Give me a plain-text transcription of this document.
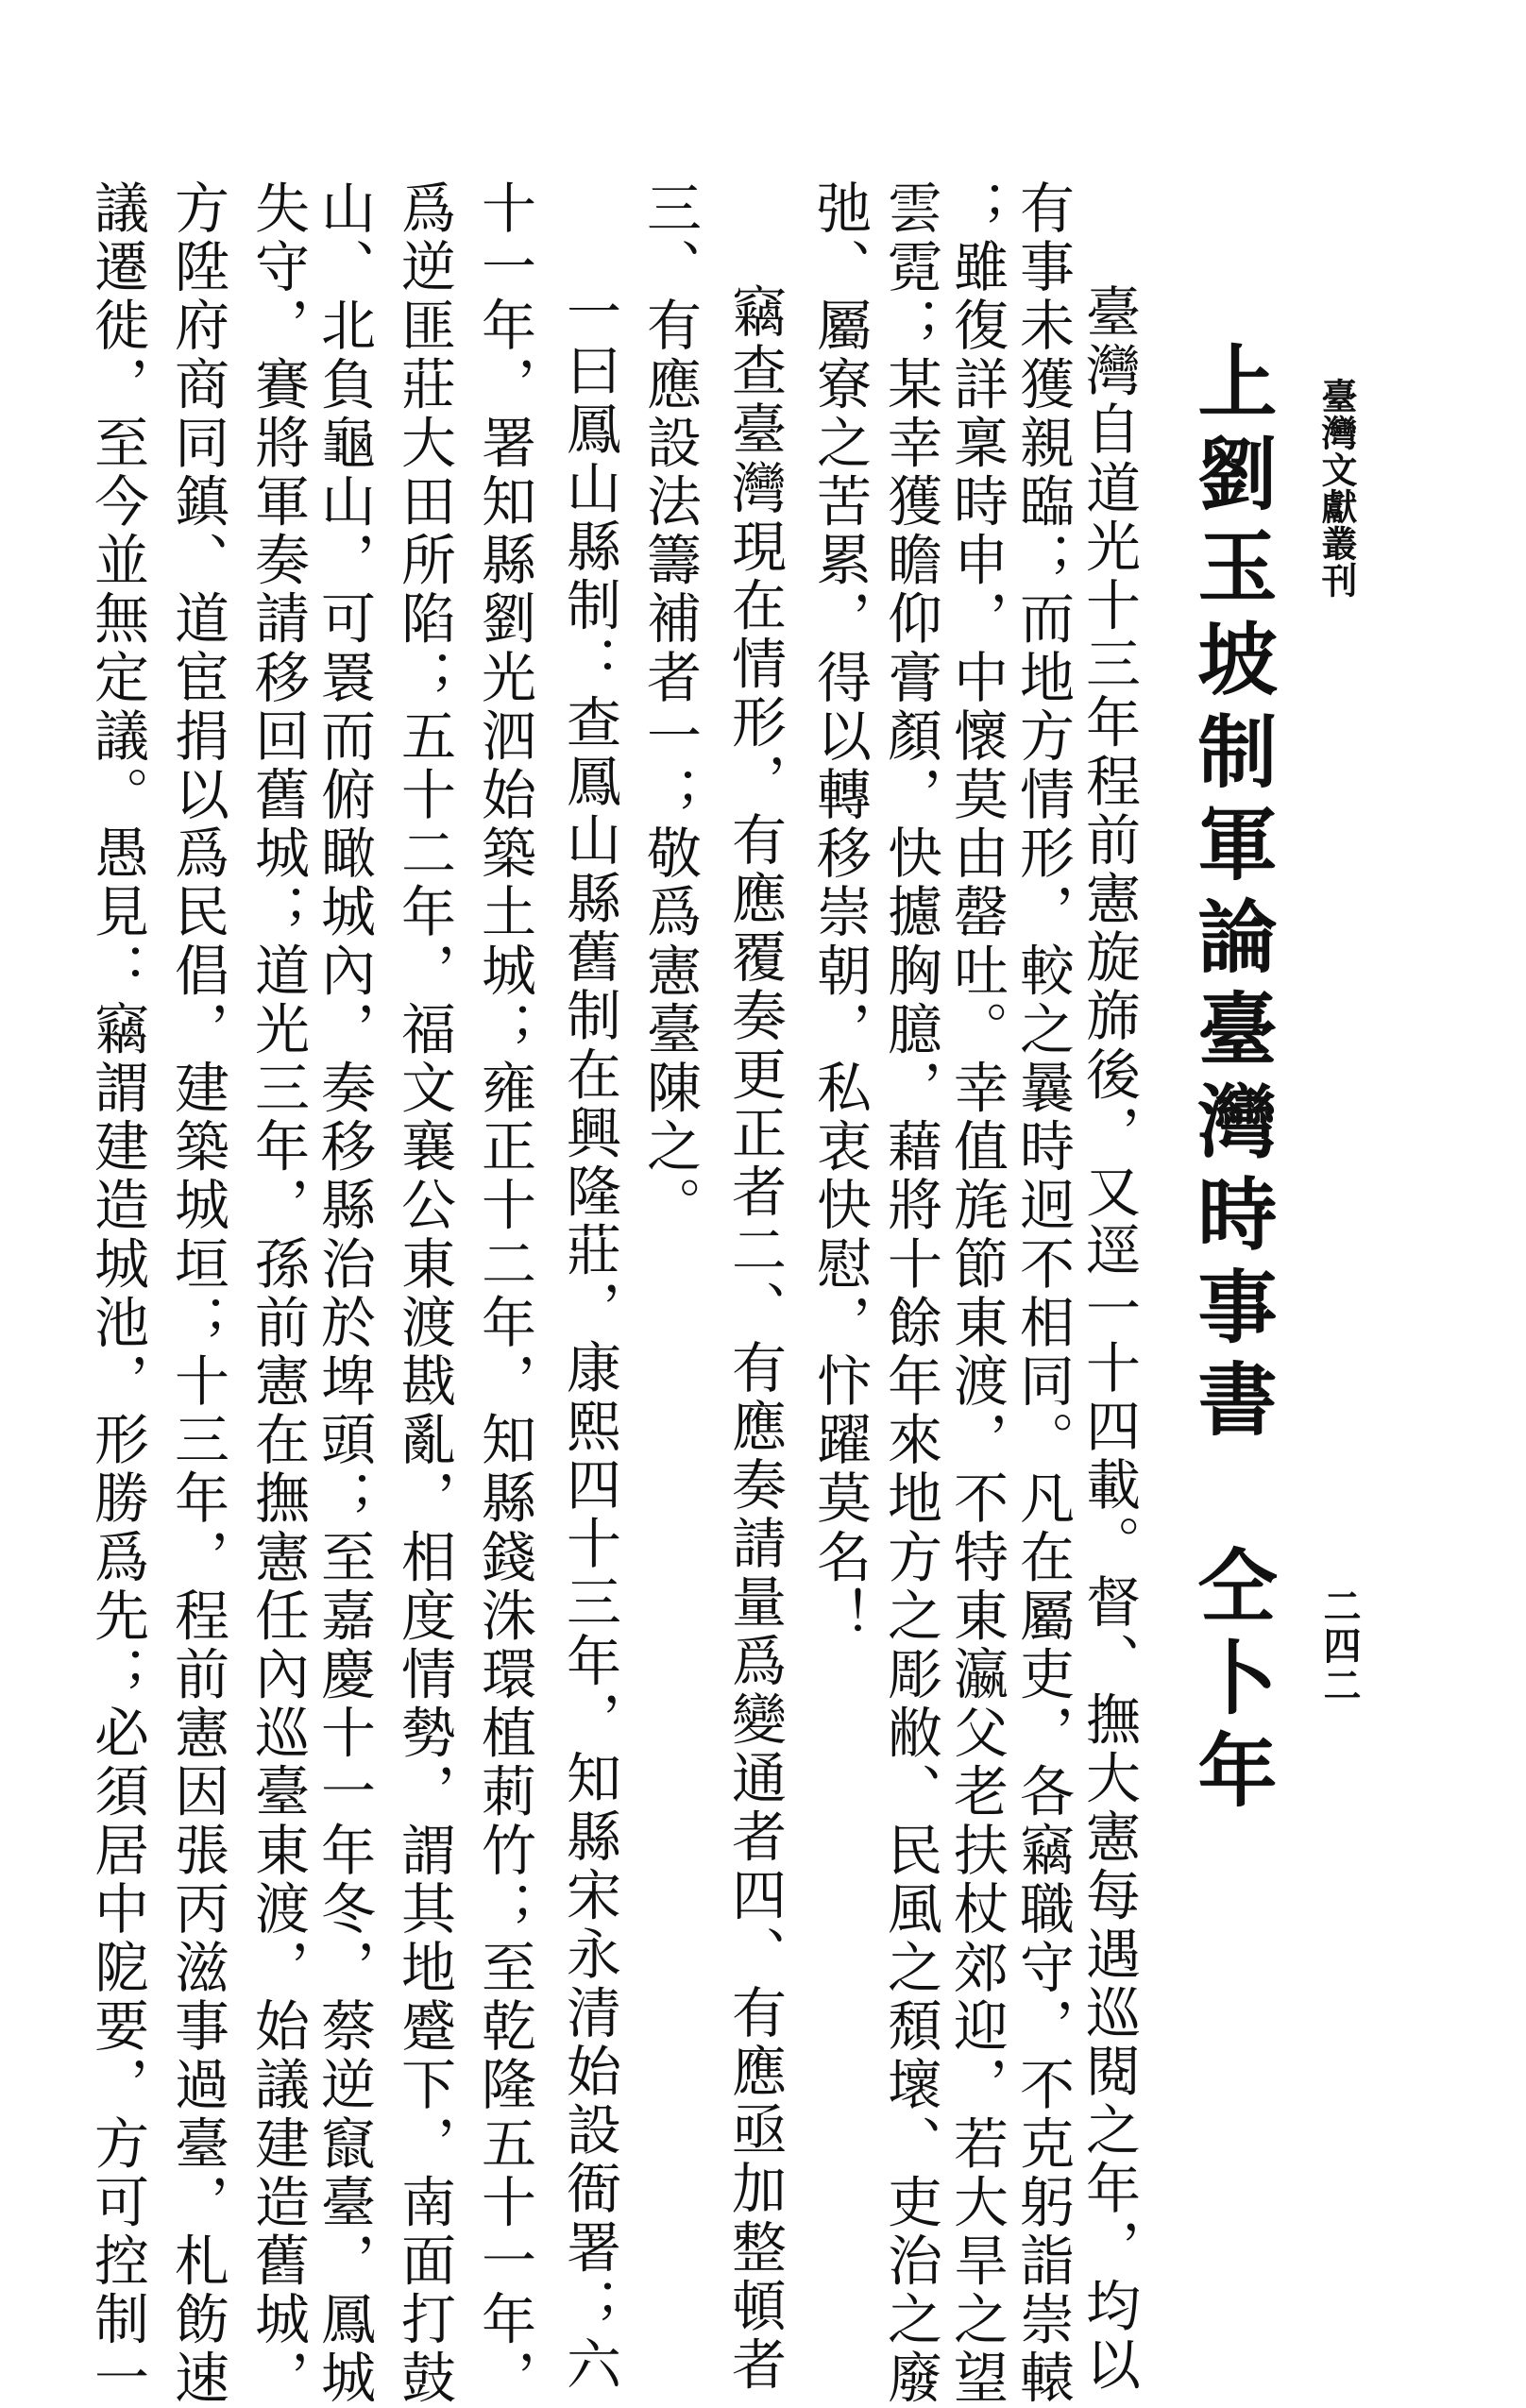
臺灣文獻叢刊
二四二
上劉玉坡制軍論臺灣時事書
仝卜年
臺灣自道光十三年程前憲旋旆後，又逕一十四載。督、撫大憲每遇巡閱之年，均以
有事未獲親臨；而地方情形，較之曩時迥不相同。凡在屬吏，各竊職守，不克躬詣崇轅
；雖復詳稟時申，中懷莫由罄吐。幸值旄節東渡，不特東瀛父老扶杖郊迎，若大旱之望
雲霓；某幸獲瞻仰膏顏，快攄胸臆，藉將十餘年來地方之彫敝、民風之頹壞、吏治之廢
弛、屬寮之苦累，得以轉移崇朝，私衷快慰，忭躍莫名！
竊查臺灣現在情形，有應覆奏更正者二、有應奏請量爲變通者四、有應亟加整頓者
三、有應設法籌補者一；敬爲憲臺陳之。
一曰鳳山縣制：查鳳山縣舊制在興隆莊，康熙四十三年，知縣宋永清始設衙署；六
十一年，署知縣劉光泗始築土城；雍正十二年，知縣錢洙環植莿竹；至乾隆五十一年，
爲逆匪莊大田所陷；五十二年，福文襄公東渡戡亂，相度情勢，謂其地蹙下，南面打鼓
山、北負龜山，可瞏而俯瞰城內，奏移縣治於埤頭；至嘉慶十一年冬，蔡逆竄臺，鳳城
失守，賽將軍奏請移回舊城；道光三年，孫前憲在撫憲任內巡臺東渡，始議建造舊城，
方陞府商同鎮、道宦捐以爲民倡，建築城垣；十三年，程前憲因張丙滋事過臺，札飭速
議遷徙，至今並無定議。愚見：竊謂建造城池，形勝爲先；必須居中阸要，方可控制一
